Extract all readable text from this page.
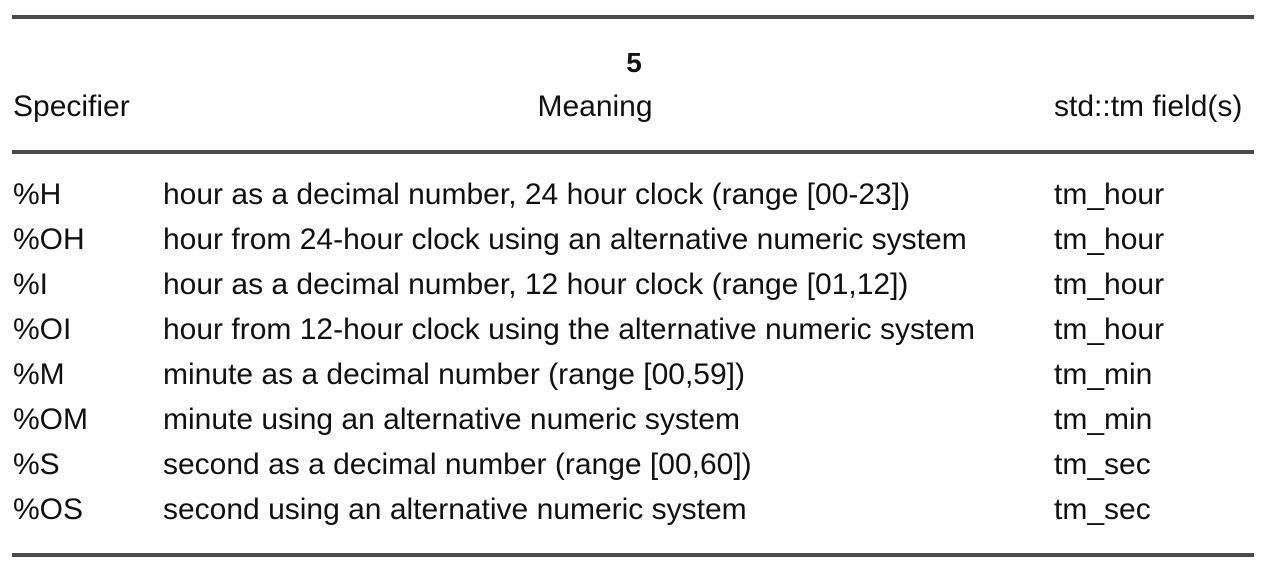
5
Specifier	Meaning	std::tm field(s)
%H	hour as a decimal number, 24 hour clock (range [00-23])	tm_hour
%OH	hour from 24-hour clock using an alternative numeric system	tm_hour
%I	hour as a decimal number, 12 hour clock (range [01,12])	tm_hour
%OI	hour from 12-hour clock using the alternative numeric system	tm_hour
%M	minute as a decimal number (range [00,59])	tm_min
%OM	minute using an alternative numeric system	tm_min
%S	second as a decimal number (range [00,60])	tm_sec
%OS	second using an alternative numeric system	tm_sec
